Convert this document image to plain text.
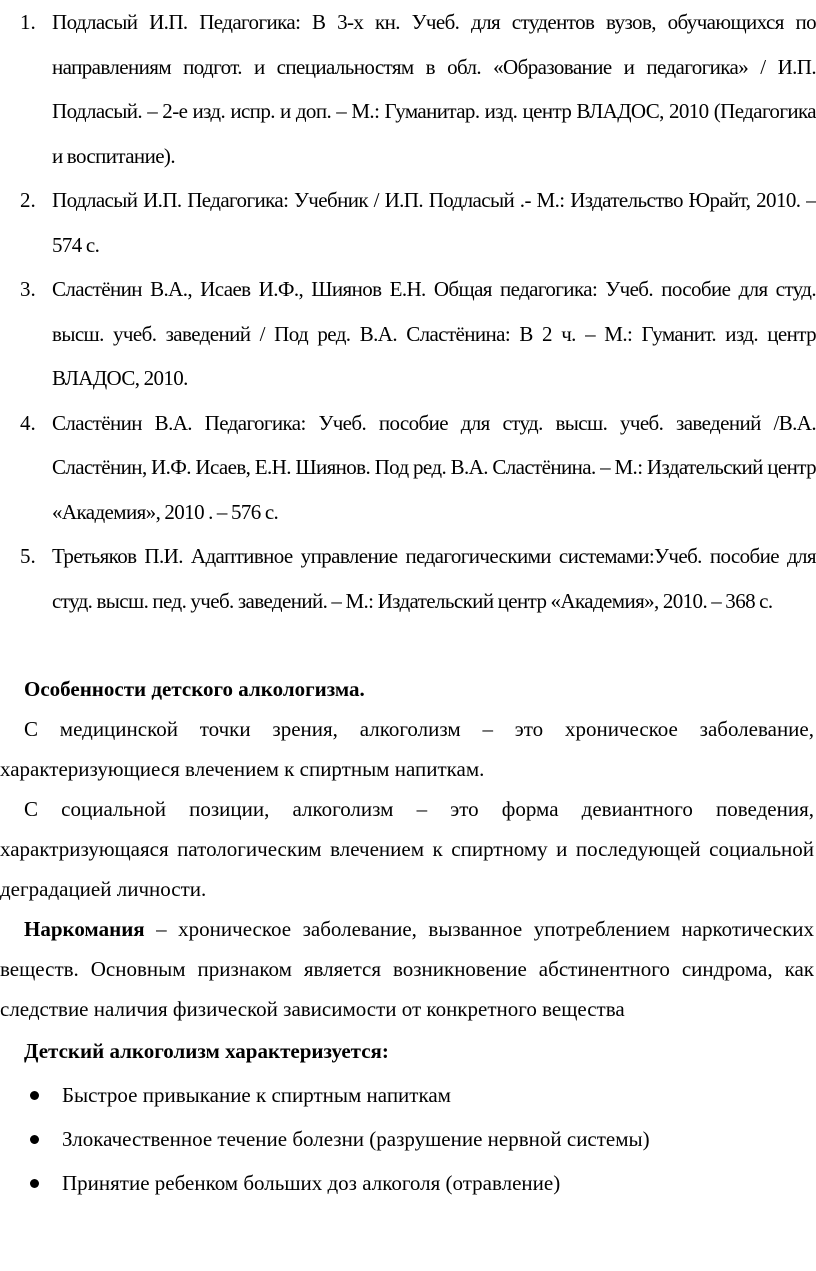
1. Подласый И.П. Педагогика: В 3-х кн. Учеб. для студентов вузов, обучающихся по направлениям подгот. и специальностям в обл. «Образование и педагогика» / И.П. Подласый. – 2-е изд. испр. и доп. – М.: Гуманитар. изд. центр ВЛАДОС, 2010 (Педагогика и воспитание).
2. Подласый И.П. Педагогика: Учебник / И.П. Подласый .- М.: Издательство Юрайт, 2010. – 574 с.
3. Сластёнин В.А., Исаев И.Ф., Шиянов Е.Н. Общая педагогика: Учеб. пособие для студ. высш. учеб. заведений / Под ред. В.А. Сластёнина: В 2 ч. – М.: Гуманит. изд. центр ВЛАДОС, 2010.
4. Сластёнин В.А. Педагогика: Учеб. пособие для студ. высш. учеб. заведений /В.А. Сластёнин, И.Ф. Исаев, Е.Н. Шиянов. Под ред. В.А. Сластёнина. – М.: Издательский центр «Академия», 2010 . – 576 с.
5. Третьяков П.И. Адаптивное управление педагогическими системами:Учеб. пособие для студ. высш. пед. учеб. заведений. – М.: Издательский центр «Академия», 2010. – 368 с.
Особенности детского алкологизма.

С медицинской точки зрения, алкоголизм – это хроническое заболевание, характеризующиеся влечением к спиртным напиткам.

С социальной позиции, алкоголизм – это форма девиантного поведения, характризующаяся патологическим влечением к спиртному и последующей социальной деградацией личности.

Наркомания – хроническое заболевание, вызванное употреблением наркотических веществ. Основным признаком является возникновение абстинентного синдрома, как следствие наличия физической зависимости от конкретного вещества

Детский алкоголизм характеризуется:
Быстрое привыкание к спиртным напиткам
Злокачественное течение болезни (разрушение нервной системы)
Принятие ребенком больших доз алкоголя (отравление)
